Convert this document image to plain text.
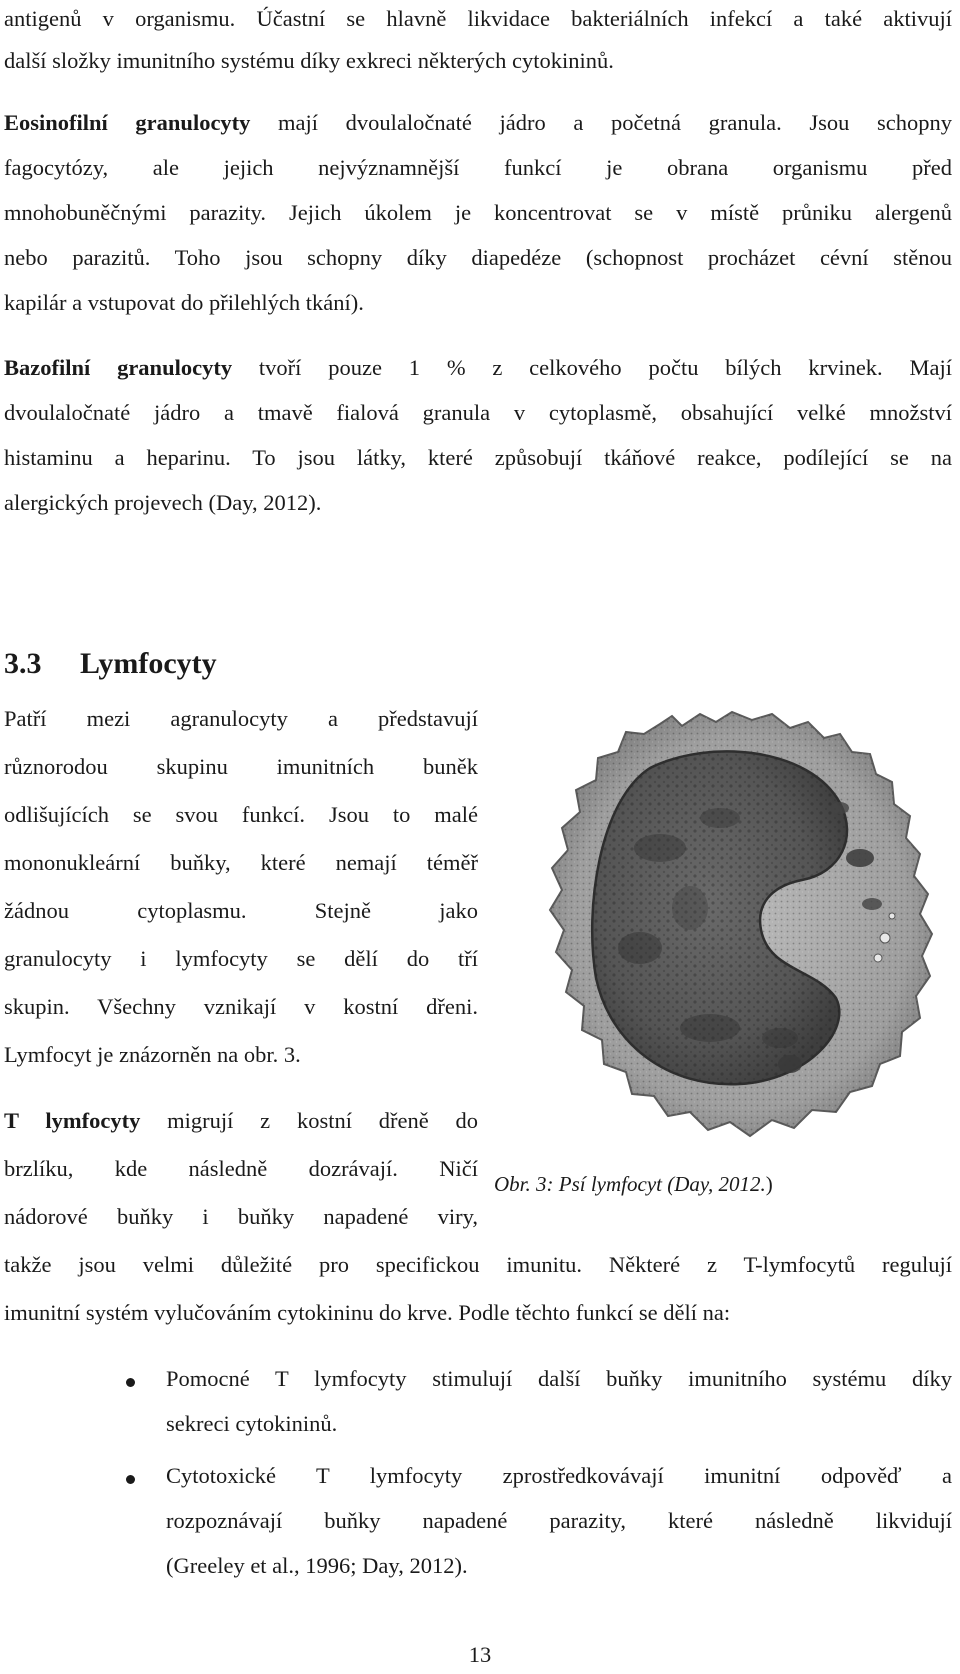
antigenů v organismu. Účastní se hlavně likvidace bakteriálních infekcí a také aktivují

další složky imunitního systému díky exkreci některých cytokininů.

Eosinofilní granulocyty mají dvoulaločnaté jádro a početná granula. Jsou schopny

fagocytózy, ale jejich nejvýznamnější funkcí je obrana organismu před

mnohobuněčnými parazity. Jejich úkolem je koncentrovat se v místě průniku alergenů

nebo parazitů. Toho jsou schopny díky diapedéze (schopnost procházet cévní stěnou

kapilár a vstupovat do přilehlých tkání).

Bazofilní granulocyty tvoří pouze 1 % z celkového počtu bílých krvinek. Mají

dvoulaločnaté jádro a tmavě fialová granula v cytoplasmě, obsahující velké množství

histaminu a heparinu. To jsou látky, které způsobují tkáňové reakce, podílející se na

alergických projevech (Day, 2012).

3.3 Lymfocyty

Patří mezi agranulocyty a představují

různorodou skupinu imunitních buněk

odlišujících se svou funkcí. Jsou to malé

mononukleární buňky, které nemají téměř

žádnou cytoplasmu. Stejně jako

granulocyty i lymfocyty se dělí do tří

skupin. Všechny vznikají v kostní dřeni.

Lymfocyt je znázorněn na obr. 3.

T lymfocyty migrují z kostní dřeně do

brzlíku, kde následně dozrávají. Ničí

nádorové buňky i buňky napadené viry,

takže jsou velmi důležité pro specifickou imunitu. Některé z T-lymfocytů regulují

imunitní systém vylučováním cytokininu do krve. Podle těchto funkcí se dělí na:

Obr. 3: Psí lymfocyt (Day, 2012.)

Pomocné T lymfocyty stimulují další buňky imunitního systému díky

sekreci cytokininů.

Cytotoxické T lymfocyty zprostředkovávají imunitní odpověď a

rozpoznávají buňky napadené parazity, které následně likvidují

(Greeley et al., 1996; Day, 2012).

13
